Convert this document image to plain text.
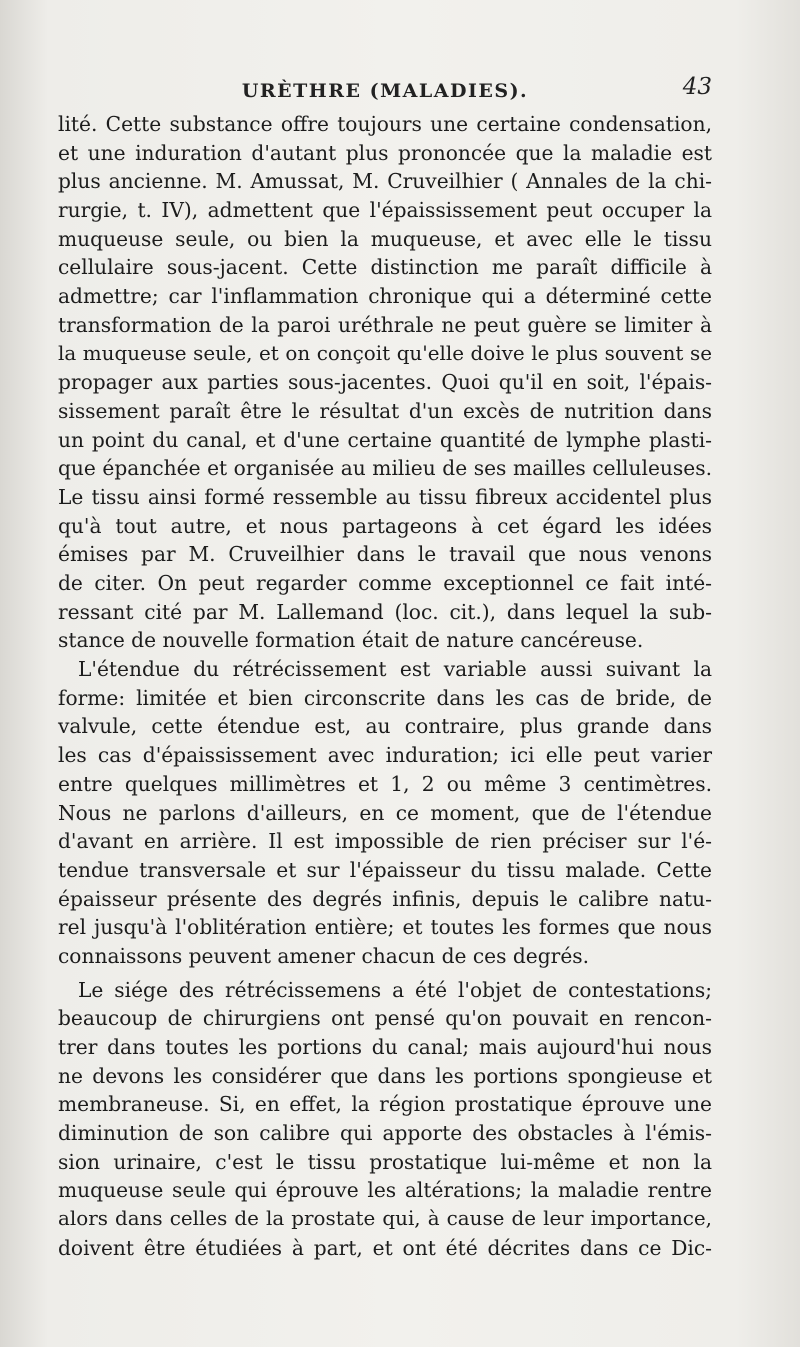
URÈTHRE (MALADIES).	43
lité. Cette substance offre toujours une certaine condensation,
et une induration d'autant plus prononcée que la maladie est
plus ancienne. M. Amussat, M. Cruveilhier ( Annales de la chi-
rurgie, t. IV), admettent que l'épaississement peut occuper la
muqueuse seule, ou bien la muqueuse, et avec elle le tissu
cellulaire sous-jacent. Cette distinction me paraît difficile à
admettre; car l'inflammation chronique qui a déterminé cette
transformation de la paroi uréthrale ne peut guère se limiter à
la muqueuse seule, et on conçoit qu'elle doive le plus souvent se
propager aux parties sous-jacentes. Quoi qu'il en soit, l'épais-
sissement paraît être le résultat d'un excès de nutrition dans
un point du canal, et d'une certaine quantité de lymphe plasti-
que épanchée et organisée au milieu de ses mailles celluleuses.
Le tissu ainsi formé ressemble au tissu fibreux accidentel plus
qu'à tout autre, et nous partageons à cet égard les idées
émises par M. Cruveilhier dans le travail que nous venons
de citer. On peut regarder comme exceptionnel ce fait inté-
ressant cité par M. Lallemand (loc. cit.), dans lequel la sub-
stance de nouvelle formation était de nature cancéreuse.
L'étendue du rétrécissement est variable aussi suivant la
forme: limitée et bien circonscrite dans les cas de bride, de
valvule, cette étendue est, au contraire, plus grande dans
les cas d'épaississement avec induration; ici elle peut varier
entre quelques millimètres et 1, 2 ou même 3 centimètres.
Nous ne parlons d'ailleurs, en ce moment, que de l'étendue
d'avant en arrière. Il est impossible de rien préciser sur l'é-
tendue transversale et sur l'épaisseur du tissu malade. Cette
épaisseur présente des degrés infinis, depuis le calibre natu-
rel jusqu'à l'oblitération entière; et toutes les formes que nous
connaissons peuvent amener chacun de ces degrés.
Le siége des rétrécissemens a été l'objet de contestations;
beaucoup de chirurgiens ont pensé qu'on pouvait en rencon-
trer dans toutes les portions du canal; mais aujourd'hui nous
ne devons les considérer que dans les portions spongieuse et
membraneuse. Si, en effet, la région prostatique éprouve une
diminution de son calibre qui apporte des obstacles à l'émis-
sion urinaire, c'est le tissu prostatique lui-même et non la
muqueuse seule qui éprouve les altérations; la maladie rentre
alors dans celles de la prostate qui, à cause de leur importance,
doivent être étudiées à part, et ont été décrites dans ce Dic-
